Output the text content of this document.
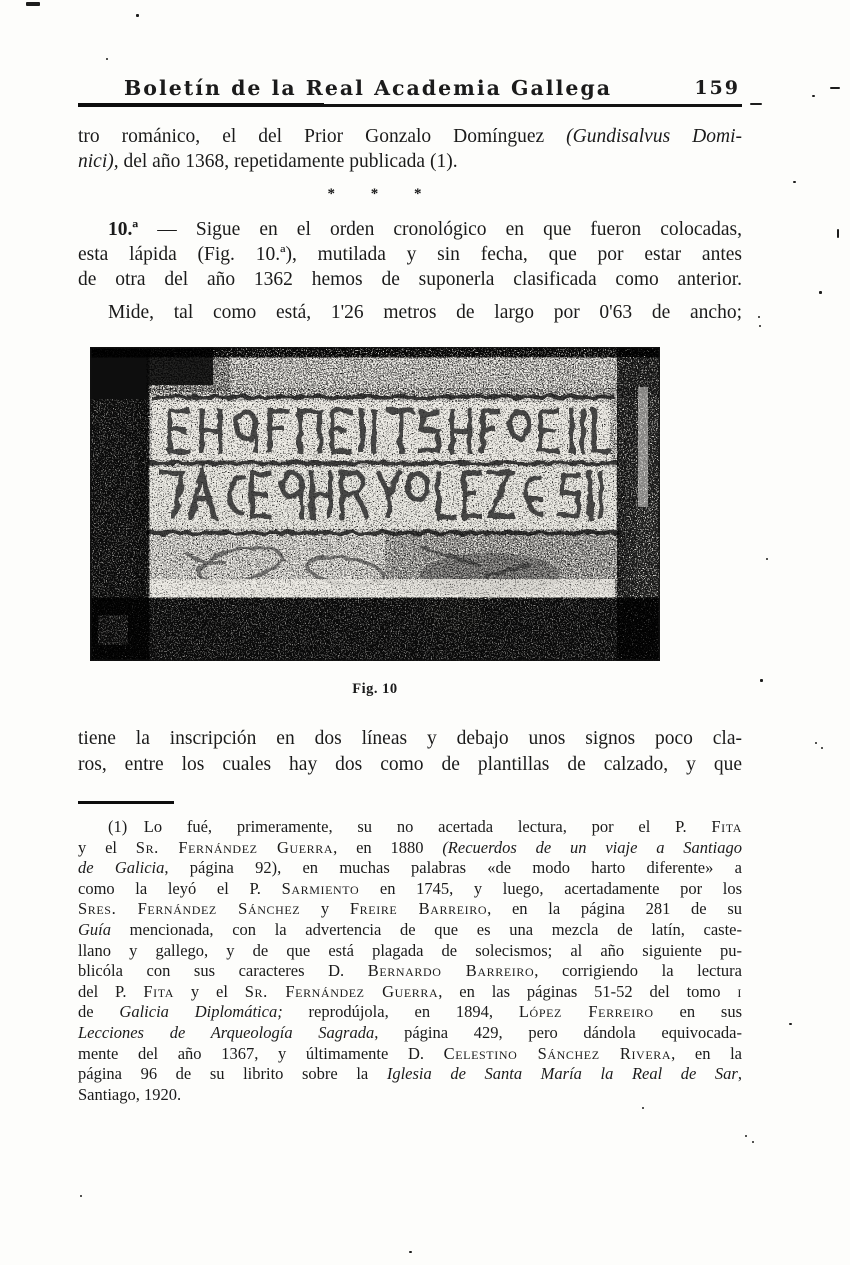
Boletín de la Real Academia Gallega	159
tro románico, el del Prior Gonzalo Domínguez (Gundisalvus Domi-
nici), del año 1368, repetidamente publicada (1).
* * *
10.ª — Sigue en el orden cronológico en que fueron colocadas,
esta lápida (Fig. 10.ª), mutilada y sin fecha, que por estar antes
de otra del año 1362 hemos de suponerla clasificada como anterior.
Mide, tal como está, 1'26 metros de largo por 0'63 de ancho;
Fig. 10
tiene la inscripción en dos líneas y debajo unos signos poco cla-
ros, entre los cuales hay dos como de plantillas de calzado, y que
(1)  Lo fué, primeramente, su no acertada lectura, por el P. Fita
y el Sr. Fernández Guerra, en 1880 (Recuerdos de un viaje a Santiago
de Galicia, página 92), en muchas palabras «de modo harto diferente» a
como la leyó el P. Sarmiento en 1745, y luego, acertadamente por los
Sres. Fernández Sánchez y Freire Barreiro, en la página 281 de su
Guía mencionada, con la advertencia de que es una mezcla de latín, caste-
llano y gallego, y de que está plagada de solecismos; al año siguiente pu-
blicóla con sus caracteres D. Bernardo Barreiro, corrigiendo la lectura
del P. Fita y el Sr. Fernández Guerra, en las páginas 51-52 del tomo i
de Galicia Diplomática; reprodújola, en 1894, López Ferreiro en sus
Lecciones de Arqueología Sagrada, página 429, pero dándola equivocada-
mente del año 1367, y últimamente D. Celestino Sánchez Rivera, en la
página 96 de su librito sobre la Iglesia de Santa María la Real de Sar,
Santiago, 1920.
